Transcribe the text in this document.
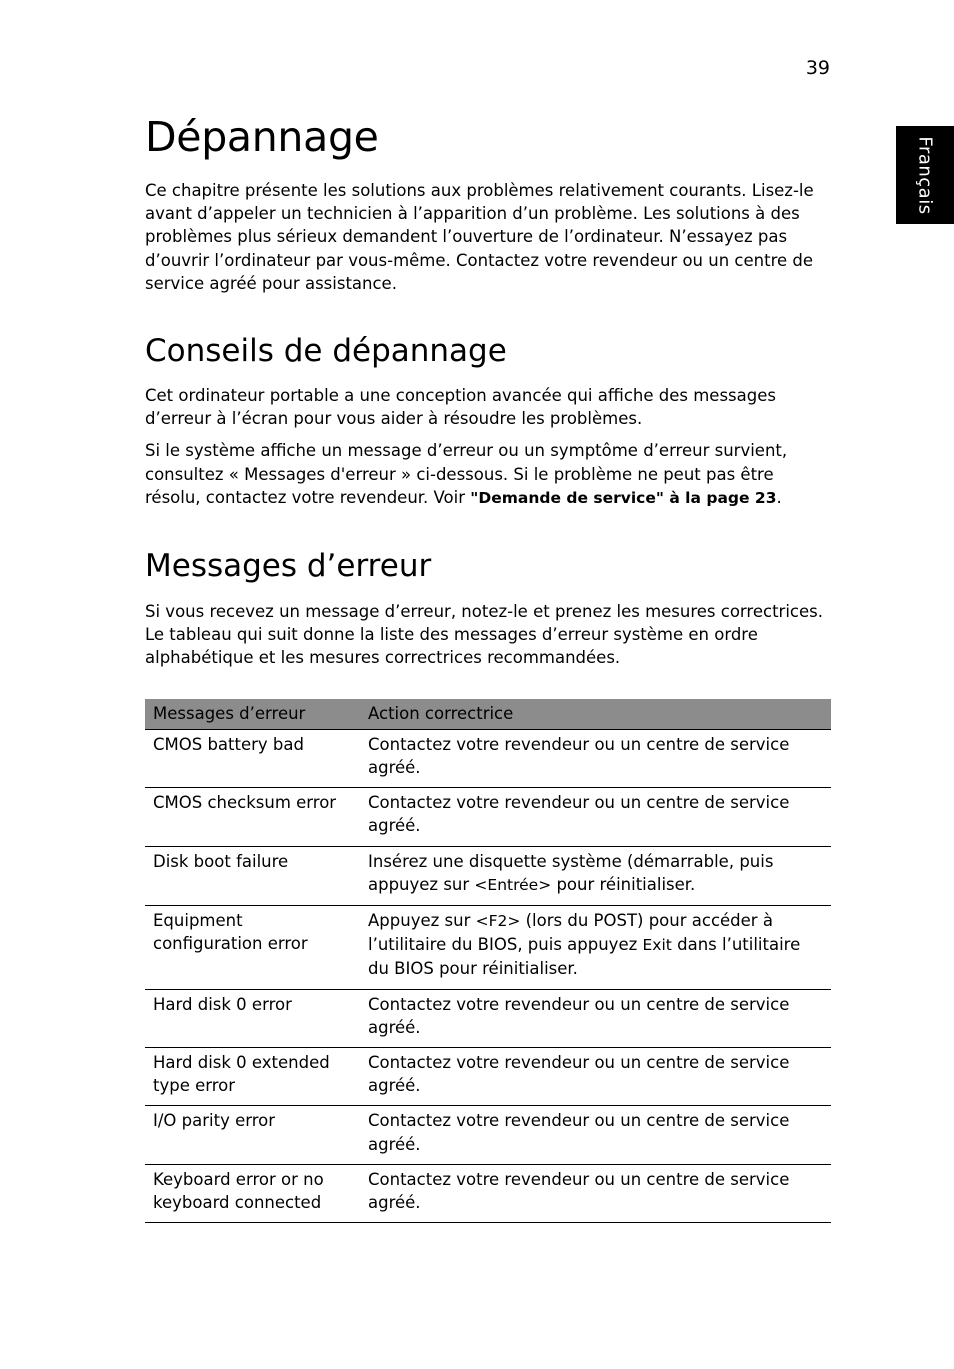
39
Français
Dépannage

Ce chapitre présente les solutions aux problèmes relativement courants. Lisez-le avant d’appeler un technicien à l’apparition d’un problème. Les solutions à des problèmes plus sérieux demandent l’ouverture de l’ordinateur. N’essayez pas d’ouvrir l’ordinateur par vous-même. Contactez votre revendeur ou un centre de service agréé pour assistance.

Conseils de dépannage

Cet ordinateur portable a une conception avancée qui affiche des messages d’erreur à l’écran pour vous aider à résoudre les problèmes.

Si le système affiche un message d’erreur ou un symptôme d’erreur survient, consultez « Messages d'erreur » ci-dessous. Si le problème ne peut pas être résolu, contactez votre revendeur. Voir "Demande de service" à la page 23.

Messages d’erreur

Si vous recevez un message d’erreur, notez-le et prenez les mesures correctrices. Le tableau qui suit donne la liste des messages d’erreur système en ordre alphabétique et les mesures correctrices recommandées.

Messages d’erreur	Action correctrice
CMOS battery bad	Contactez votre revendeur ou un centre de service agréé.
CMOS checksum error	Contactez votre revendeur ou un centre de service agréé.
Disk boot failure	Insérez une disquette système (démarrable, puis appuyez sur <Entrée> pour réinitialiser.
Equipment configuration error	Appuyez sur <F2> (lors du POST) pour accéder à l’utilitaire du BIOS, puis appuyez Exit dans l’utilitaire du BIOS pour réinitialiser.
Hard disk 0 error	Contactez votre revendeur ou un centre de service agréé.
Hard disk 0 extended type error	Contactez votre revendeur ou un centre de service agréé.
I/O parity error	Contactez votre revendeur ou un centre de service agréé.
Keyboard error or no keyboard connected	Contactez votre revendeur ou un centre de service agréé.
